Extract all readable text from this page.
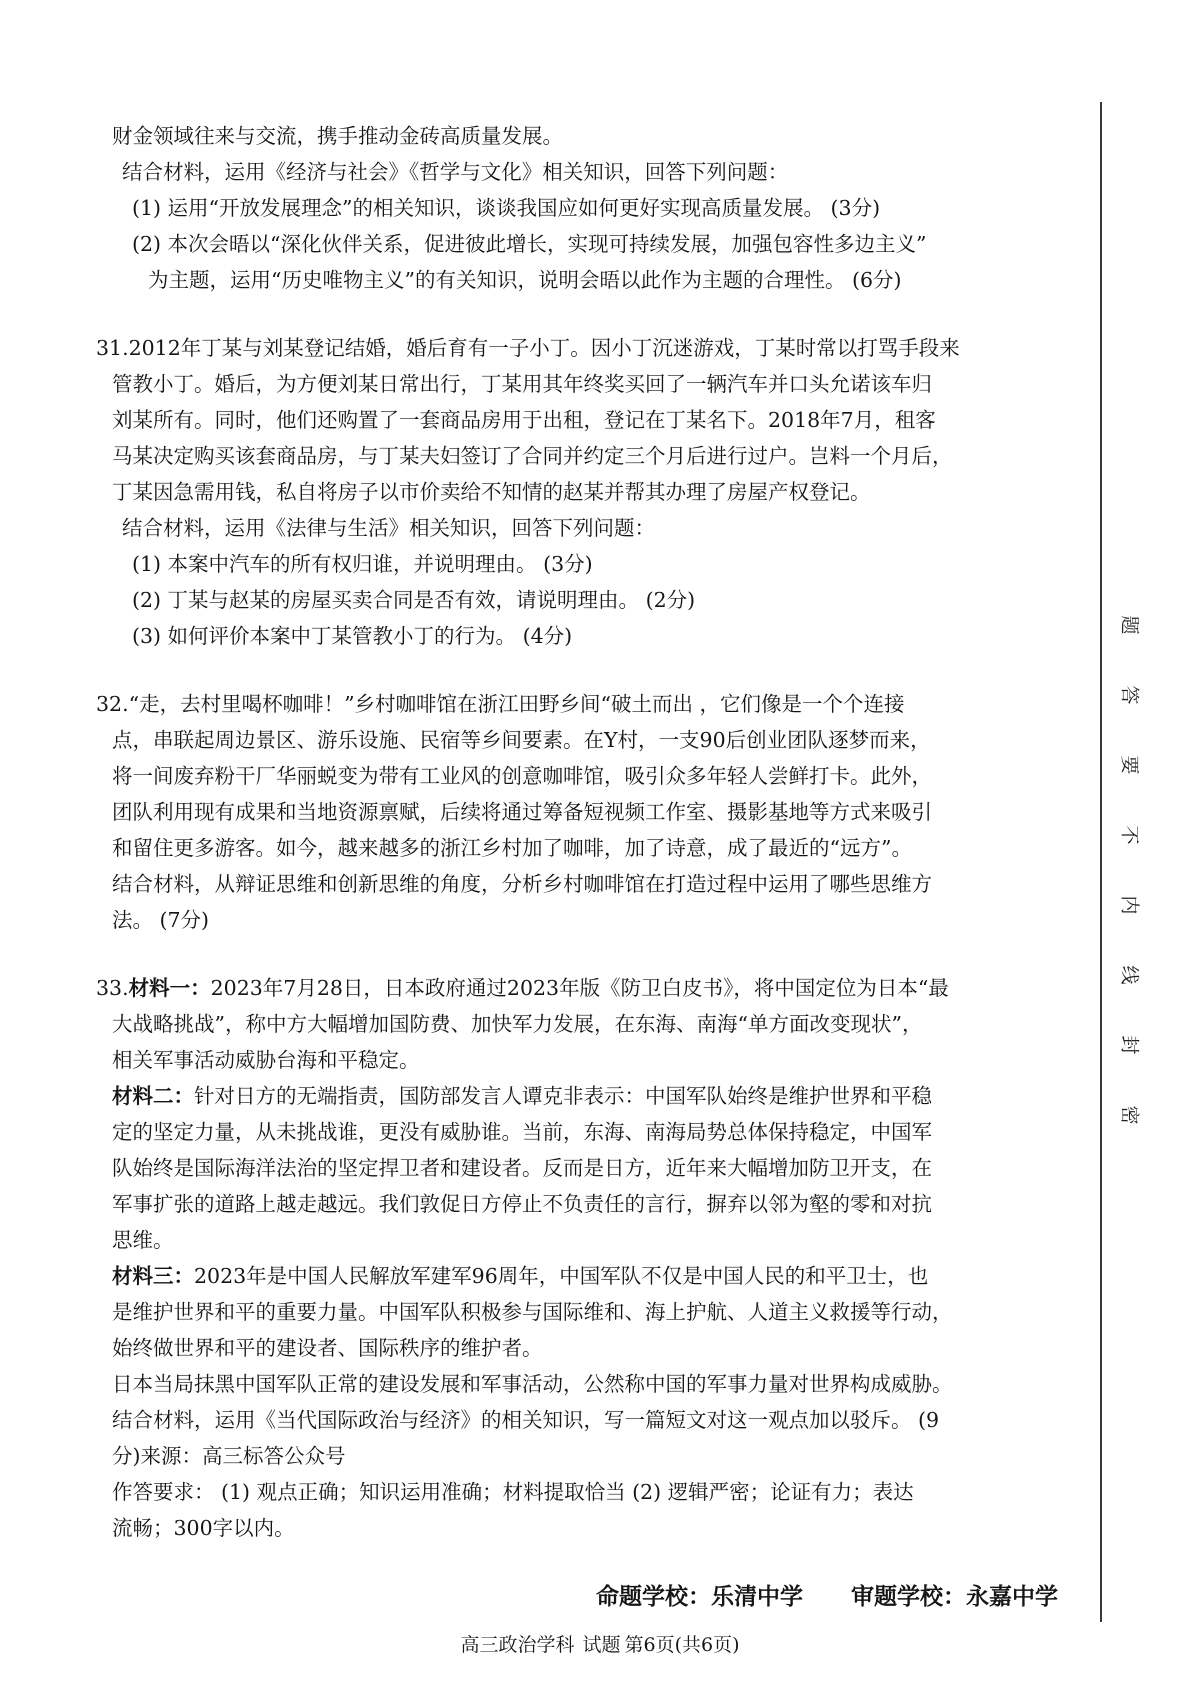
财金领域往来与交流，携手推动金砖高质量发展。
结合材料，运用《经济与社会》《哲学与文化》相关知识，回答下列问题：
(1) 运用“开放发展理念”的相关知识，谈谈我国应如何更好实现高质量发展。 (3分)
(2) 本次会晤以“深化伙伴关系，促进彼此增长，实现可持续发展，加强包容性多边主义”
为主题，运用“历史唯物主义”的有关知识，说明会晤以此作为主题的合理性。 (6分)
31.2012年丁某与刘某登记结婚，婚后育有一子小丁。因小丁沉迷游戏，丁某时常以打骂手段来
管教小丁。婚后，为方便刘某日常出行，丁某用其年终奖买回了一辆汽车并口头允诺该车归
刘某所有。同时，他们还购置了一套商品房用于出租，登记在丁某名下。2018年7月，租客
马某决定购买该套商品房，与丁某夫妇签订了合同并约定三个月后进行过户。岂料一个月后，
丁某因急需用钱，私自将房子以市价卖给不知情的赵某并帮其办理了房屋产权登记。
结合材料，运用《法律与生活》相关知识，回答下列问题：
(1) 本案中汽车的所有权归谁，并说明理由。 (3分)
(2) 丁某与赵某的房屋买卖合同是否有效，请说明理由。 (2分)
(3) 如何评价本案中丁某管教小丁的行为。 (4分)
32.“走，去村里喝杯咖啡！”乡村咖啡馆在浙江田野乡间“破土而出 ，它们像是一个个连接
点，串联起周边景区、游乐设施、民宿等乡间要素。在Y村，一支90后创业团队逐梦而来，
将一间废弃粉干厂华丽蜕变为带有工业风的创意咖啡馆，吸引众多年轻人尝鲜打卡。此外，
团队利用现有成果和当地资源禀赋，后续将通过筹备短视频工作室、摄影基地等方式来吸引
和留住更多游客。如今，越来越多的浙江乡村加了咖啡，加了诗意，成了最近的“远方”。
结合材料，从辩证思维和创新思维的角度，分析乡村咖啡馆在打造过程中运用了哪些思维方
法。 (7分)
33.材料一：2023年7月28日，日本政府通过2023年版《防卫白皮书》，将中国定位为日本“最
大战略挑战”，称中方大幅增加国防费、加快军力发展，在东海、南海“单方面改变现状”，
相关军事活动威胁台海和平稳定。
材料二：针对日方的无端指责，国防部发言人谭克非表示：中国军队始终是维护世界和平稳
定的坚定力量，从未挑战谁，更没有威胁谁。当前，东海、南海局势总体保持稳定，中国军
队始终是国际海洋法治的坚定捍卫者和建设者。反而是日方，近年来大幅增加防卫开支，在
军事扩张的道路上越走越远。我们敦促日方停止不负责任的言行，摒弃以邻为壑的零和对抗
思维。
材料三：2023年是中国人民解放军建军96周年，中国军队不仅是中国人民的和平卫士，也
是维护世界和平的重要力量。中国军队积极参与国际维和、海上护航、人道主义救援等行动，
始终做世界和平的建设者、国际秩序的维护者。
日本当局抹黑中国军队正常的建设发展和军事活动，公然称中国的军事力量对世界构成威胁。
结合材料，运用《当代国际政治与经济》的相关知识，写一篇短文对这一观点加以驳斥。 (9
分)来源：高三标答公众号
作答要求： (1) 观点正确；知识运用准确；材料提取恰当 (2) 逻辑严密；论证有力；表达
流畅；300字以内。
命题学校：乐清中学 审题学校：永嘉中学
高三政治学科 试题 第6页(共6页)
题
答
要
不
内
线
封
密
